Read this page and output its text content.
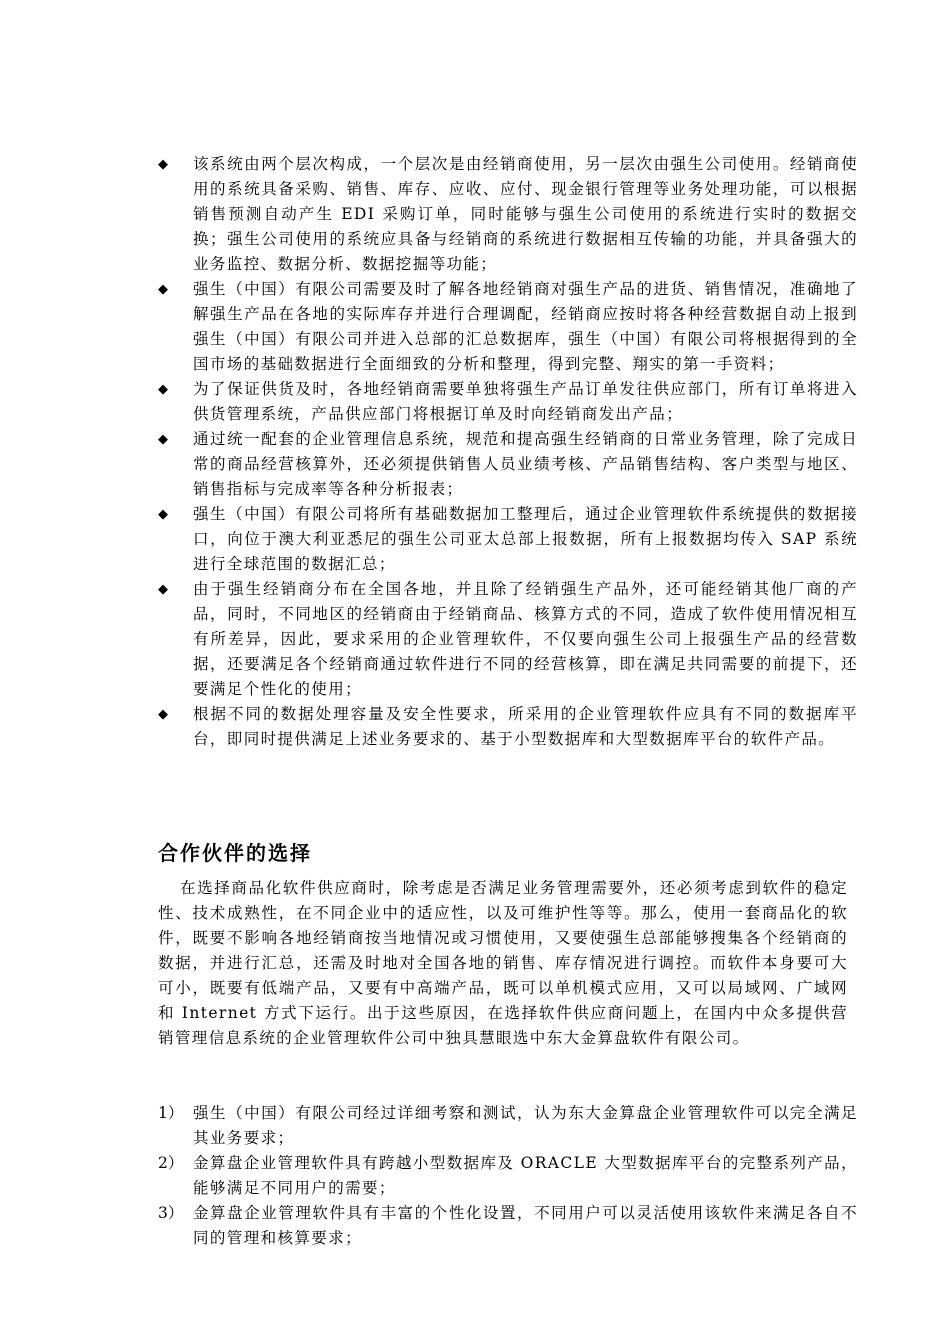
◆ 该系统由两个层次构成，一个层次是由经销商使用，另一层次由强生公司使用。经销商使用的系统具备采购、销售、库存、应收、应付、现金银行管理等业务处理功能，可以根据销售预测自动产生 EDI 采购订单，同时能够与强生公司使用的系统进行实时的数据交换；强生公司使用的系统应具备与经销商的系统进行数据相互传输的功能，并具备强大的业务监控、数据分析、数据挖掘等功能；
◆ 强生（中国）有限公司需要及时了解各地经销商对强生产品的进货、销售情况，准确地了解强生产品在各地的实际库存并进行合理调配，经销商应按时将各种经营数据自动上报到强生（中国）有限公司并进入总部的汇总数据库，强生（中国）有限公司将根据得到的全国市场的基础数据进行全面细致的分析和整理，得到完整、翔实的第一手资料；
◆ 为了保证供货及时，各地经销商需要单独将强生产品订单发往供应部门，所有订单将进入供货管理系统，产品供应部门将根据订单及时向经销商发出产品；
◆ 通过统一配套的企业管理信息系统，规范和提高强生经销商的日常业务管理，除了完成日常的商品经营核算外，还必须提供销售人员业绩考核、产品销售结构、客户类型与地区、销售指标与完成率等各种分析报表；
◆ 强生（中国）有限公司将所有基础数据加工整理后，通过企业管理软件系统提供的数据接口，向位于澳大利亚悉尼的强生公司亚太总部上报数据，所有上报数据均传入 SAP 系统进行全球范围的数据汇总；
◆ 由于强生经销商分布在全国各地，并且除了经销强生产品外，还可能经销其他厂商的产品，同时，不同地区的经销商由于经销商品、核算方式的不同，造成了软件使用情况相互有所差异，因此，要求采用的企业管理软件，不仅要向强生公司上报强生产品的经营数据，还要满足各个经销商通过软件进行不同的经营核算，即在满足共同需要的前提下，还要满足个性化的使用；
◆ 根据不同的数据处理容量及安全性要求，所采用的企业管理软件应具有不同的数据库平台，即同时提供满足上述业务要求的、基于小型数据库和大型数据库平台的软件产品。
合作伙伴的选择

在选择商品化软件供应商时，除考虑是否满足业务管理需要外，还必须考虑到软件的稳定性、技术成熟性，在不同企业中的适应性，以及可维护性等等。那么，使用一套商品化的软件，既要不影响各地经销商按当地情况或习惯使用，又要使强生总部能够搜集各个经销商的数据，并进行汇总，还需及时地对全国各地的销售、库存情况进行调控。而软件本身要可大可小，既要有低端产品，又要有中高端产品，既可以单机模式应用，又可以局域网、广域网和 Internet 方式下运行。出于这些原因，在选择软件供应商问题上，在国内中众多提供营销管理信息系统的企业管理软件公司中独具慧眼选中东大金算盘软件有限公司。

1） 强生（中国）有限公司经过详细考察和测试，认为东大金算盘企业管理软件可以完全满足其业务要求；
2） 金算盘企业管理软件具有跨越小型数据库及 ORACLE 大型数据库平台的完整系列产品，能够满足不同用户的需要；
3） 金算盘企业管理软件具有丰富的个性化设置，不同用户可以灵活使用该软件来满足各自不同的管理和核算要求；
